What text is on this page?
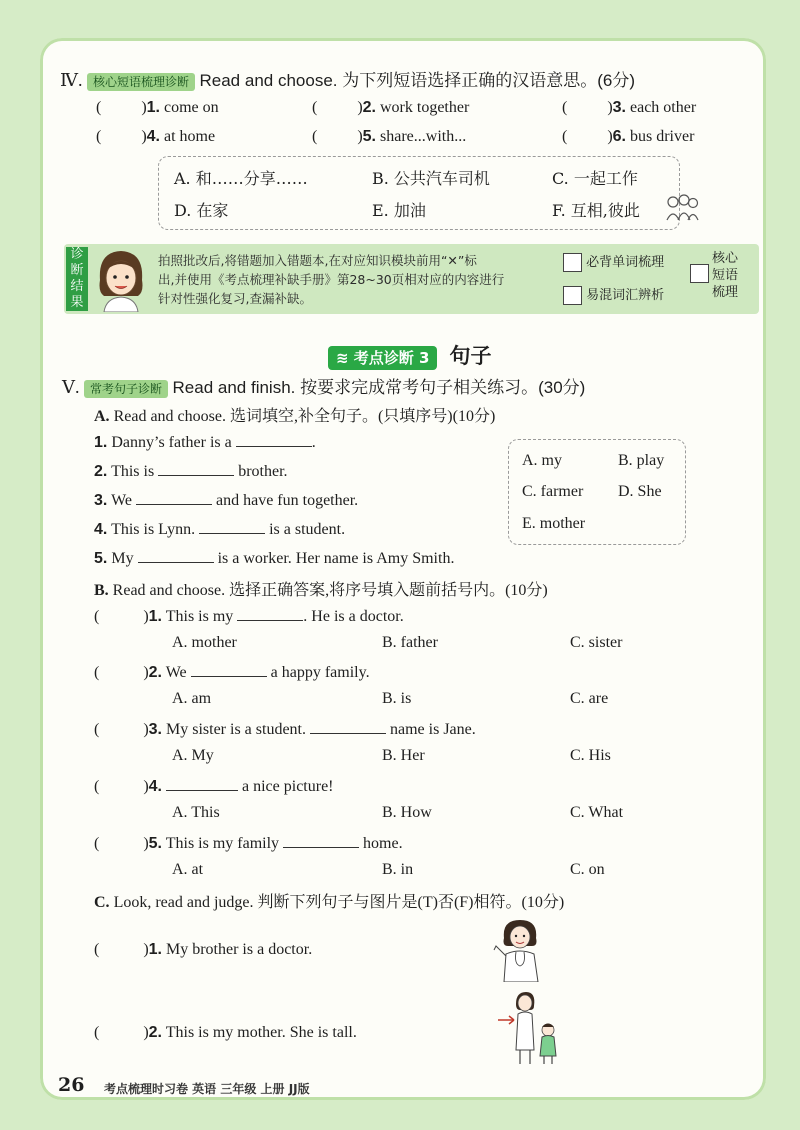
Ⅳ. 核心短语梳理诊断 Read and choose. 为下列短语选择正确的汉语意思。(6分)
(	)1. come on	(	)2. work together	(	)3. each other
(	)4. at home	(	)5. share...with...	(	)6. bus driver
A. 和……分享……	B. 公共汽车司机	C. 一起工作
D. 在家	E. 加油	F. 互相,彼此
诊
断
结
果
拍照批改后,将错题加入错题本,在对应知识模块前用“✕”标
出,并使用《考点梳理补缺手册》第28~30页相对应的内容进行
针对性强化复习,查漏补缺。
必背单词梳理
易混词汇辨析
核心
短语
梳理
≋ 考点诊断 3 句子
Ⅴ. 常考句子诊断 Read and finish. 按要求完成常考句子相关练习。(30分)
A. Read and choose. 选词填空,补全句子。(只填序号)(10分)
1. Danny’s father is a	.
2. This is	brother.
3. We	and have fun together.
4. This is Lynn.	is a student.
5. My	is a worker. Her name is Amy Smith.
A. my	B. play
C. farmer D. She
E. mother
B. Read and choose. 选择正确答案,将序号填入题前括号内。(10分)
(	)1. This is my	. He is a doctor.
A. mother	B. father	C. sister
(	)2. We	a happy family.
A. am	B. is	C. are
(	)3. My sister is a student.	name is Jane.
A. My	B. Her	C. His
(	)4.	a nice picture!
A. This	B. How	C. What
(	)5. This is my family	home.
A. at	B. in	C. on
C. Look, read and judge. 判断下列句子与图片是(T)否(F)相符。(10分)
(	)1. My brother is a doctor.
(	)2. This is my mother. She is tall.
26 考点梳理时习卷 英语 三年级 上册 JJ版
